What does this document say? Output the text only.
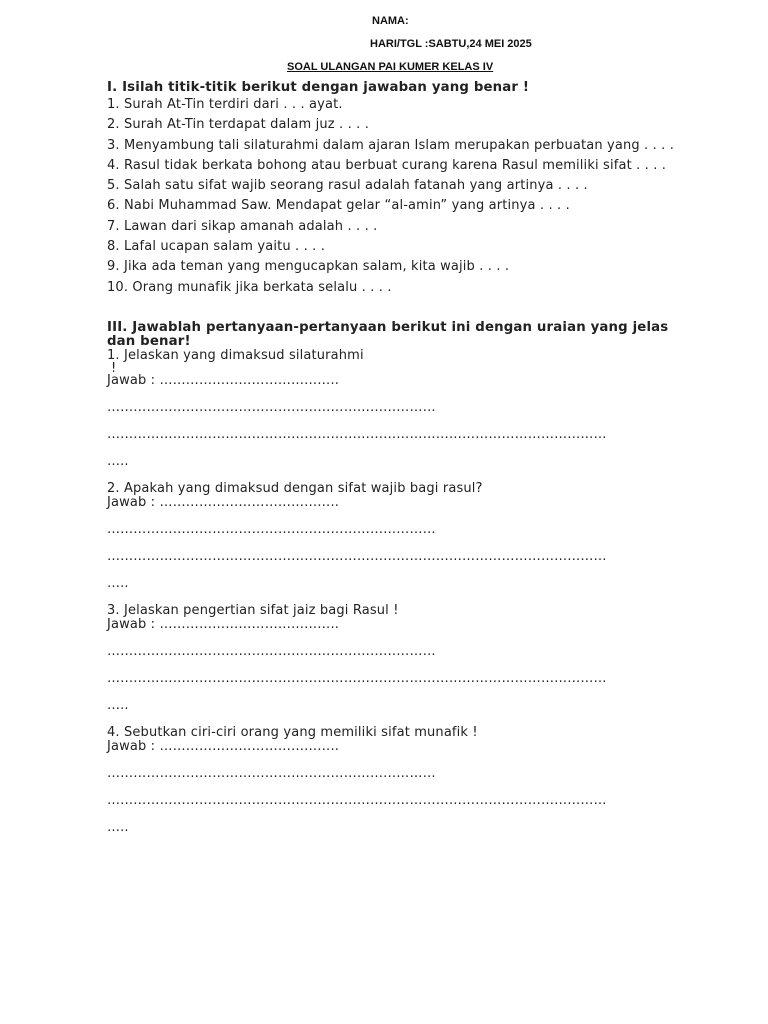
NAMA:
HARI/TGL :SABTU,24 MEI 2025
SOAL ULANGAN PAI KUMER KELAS IV

I. Isilah titik-titik berikut dengan jawaban yang benar !

1. Surah At-Tin terdiri dari . . . ayat.
2. Surah At-Tin terdapat dalam juz . . . .
3. Menyambung tali silaturahmi dalam ajaran Islam merupakan perbuatan yang . . . .
4. Rasul tidak berkata bohong atau berbuat curang karena Rasul memiliki sifat . . . .
5. Salah satu sifat wajib seorang rasul adalah fatanah yang artinya . . . .
6. Nabi Muhammad Saw. Mendapat gelar “al-amin” yang artinya . . . .
7. Lawan dari sikap amanah adalah . . . .
8. Lafal ucapan salam yaitu . . . .
9. Jika ada teman yang mengucapkan salam, kita wajib . . . .
10. Orang munafik jika berkata selalu . . . .

III. Jawablah pertanyaan-pertanyaan berikut ini dengan uraian yang jelas dan benar!

1. Jelaskan yang dimaksud silaturahmi
!
Jawab : …………………………………..
…………………………………………………………………
……………………………………………………………………………………………………
…..
2. Apakah yang dimaksud dengan sifat wajib bagi rasul?
Jawab : …………………………………..
…………………………………………………………………
……………………………………………………………………………………………………
…..
3. Jelaskan pengertian sifat jaiz bagi Rasul !
Jawab : …………………………………..
…………………………………………………………………
……………………………………………………………………………………………………
…..
4. Sebutkan ciri-ciri orang yang memiliki sifat munafik !
Jawab : …………………………………..
…………………………………………………………………
……………………………………………………………………………………………………
…..
